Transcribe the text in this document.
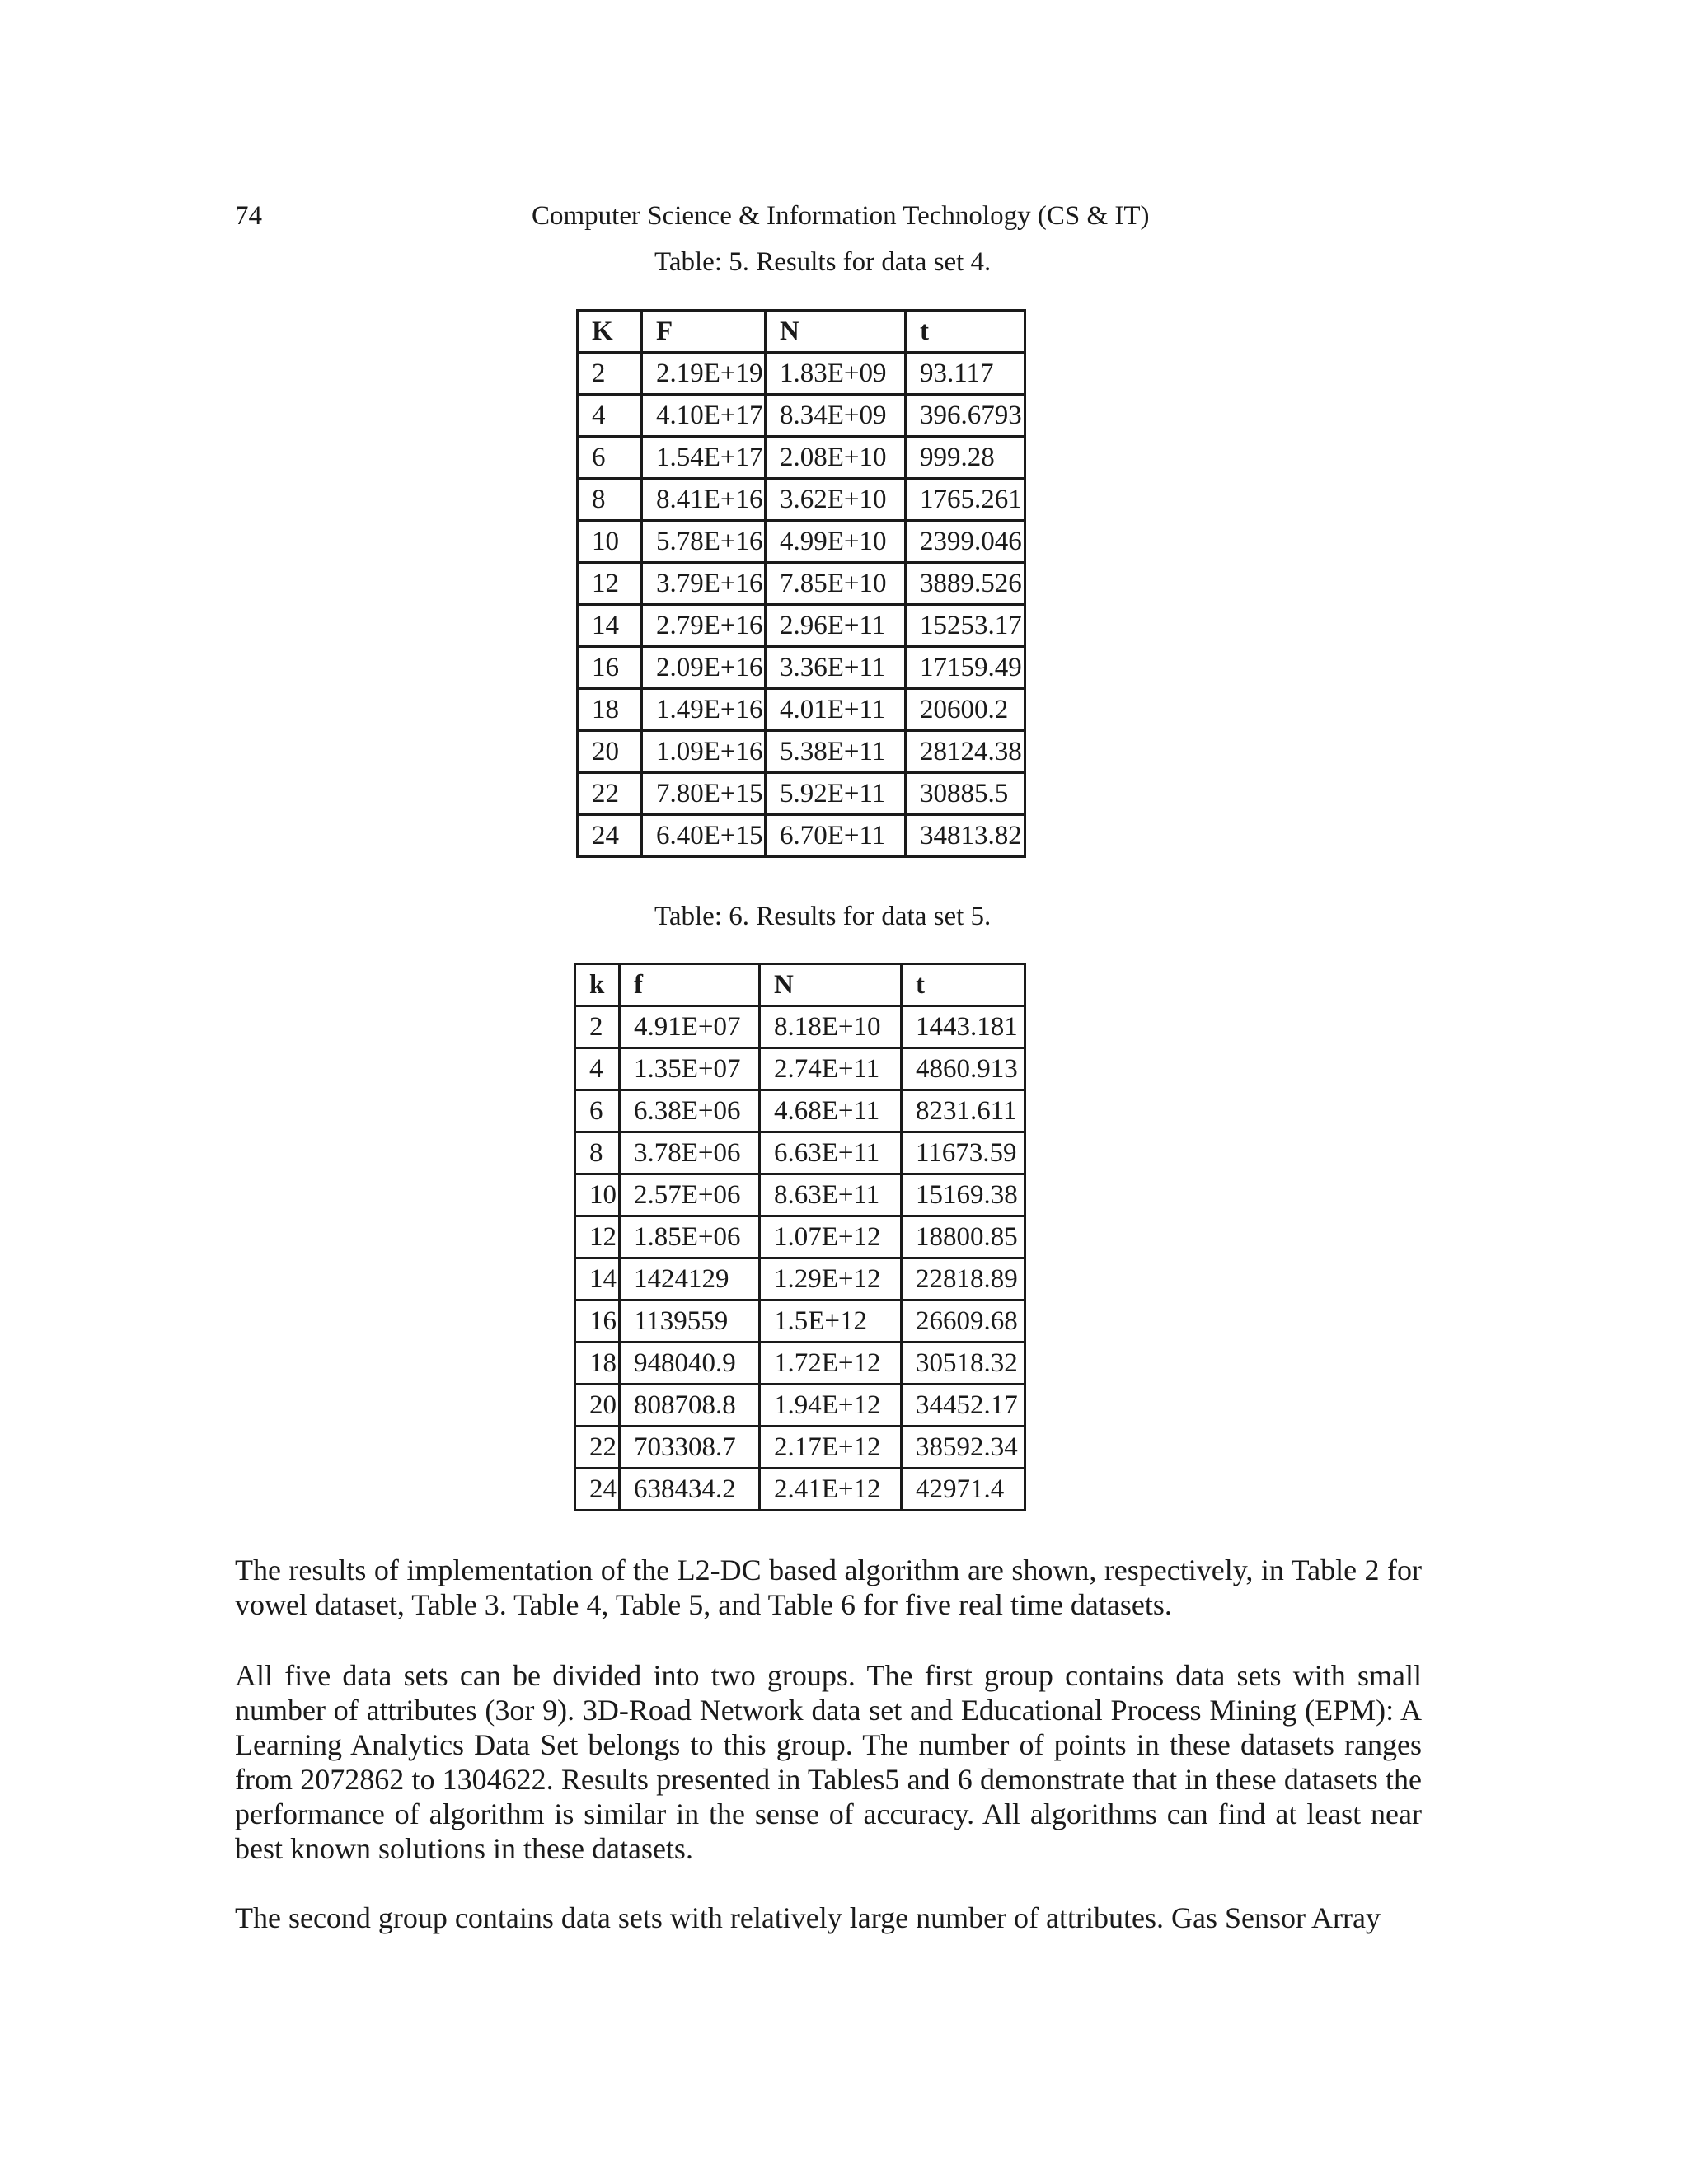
74	Computer Science & Information Technology (CS & IT)
Table: 5. Results for data set 4.
K	F	N	t
2	2.19E+19	1.83E+09	93.117
4	4.10E+17	8.34E+09	396.6793
6	1.54E+17	2.08E+10	999.28
8	8.41E+16	3.62E+10	1765.261
10	5.78E+16	4.99E+10	2399.046
12	3.79E+16	7.85E+10	3889.526
14	2.79E+16	2.96E+11	15253.17
16	2.09E+16	3.36E+11	17159.49
18	1.49E+16	4.01E+11	20600.2
20	1.09E+16	5.38E+11	28124.38
22	7.80E+15	5.92E+11	30885.5
24	6.40E+15	6.70E+11	34813.82
Table: 6. Results for data set 5.
k	f	N	t
2	4.91E+07	8.18E+10	1443.181
4	1.35E+07	2.74E+11	4860.913
6	6.38E+06	4.68E+11	8231.611
8	3.78E+06	6.63E+11	11673.59
10	2.57E+06	8.63E+11	15169.38
12	1.85E+06	1.07E+12	18800.85
14	1424129	1.29E+12	22818.89
16	1139559	1.5E+12	26609.68
18	948040.9	1.72E+12	30518.32
20	808708.8	1.94E+12	34452.17
22	703308.7	2.17E+12	38592.34
24	638434.2	2.41E+12	42971.4

The results of implementation of the L2-DC based algorithm are shown, respectively, in Table 2 for vowel dataset, Table 3. Table 4, Table 5, and Table 6 for five real time datasets.

All five data sets can be divided into two groups. The first group contains data sets with small number of attributes (3or 9). 3D-Road Network data set and Educational Process Mining (EPM): A Learning Analytics Data Set belongs to this group. The number of points in these datasets ranges from 2072862 to 1304622. Results presented in Tables5 and 6 demonstrate that in these datasets the performance of algorithm is similar in the sense of accuracy. All algorithms can find at least near best known solutions in these datasets.

The second group contains data sets with relatively large number of attributes. Gas Sensor Array
